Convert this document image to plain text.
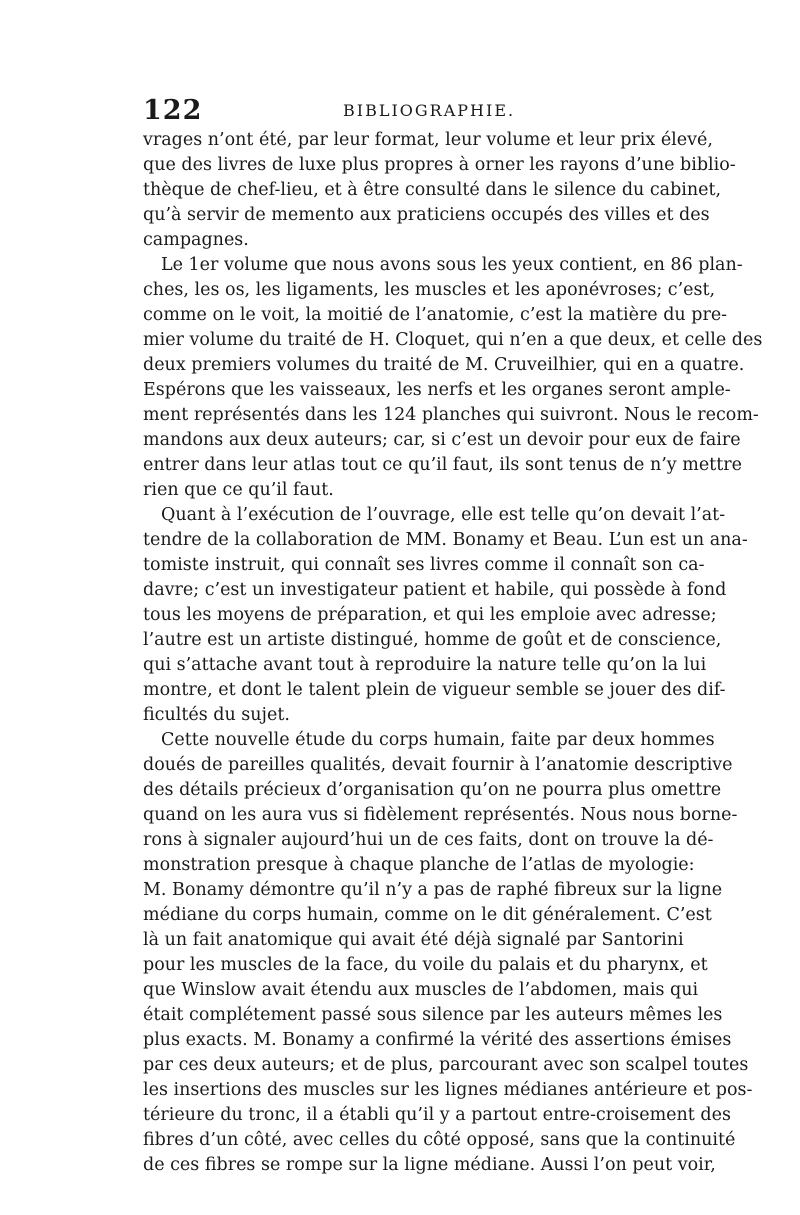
122	BIBLIOGRAPHIE.
vrages n’ont été, par leur format, leur volume et leur prix élevé,
que des livres de luxe plus propres à orner les rayons d’une biblio-
thèque de chef-lieu, et à être consulté dans le silence du cabinet,
qu’à servir de memento aux praticiens occupés des villes et des
campagnes.
Le 1er volume que nous avons sous les yeux contient, en 86 plan-
ches, les os, les ligaments, les muscles et les aponévroses; c’est,
comme on le voit, la moitié de l’anatomie, c’est la matière du pre-
mier volume du traité de H. Cloquet, qui n’en a que deux, et celle des
deux premiers volumes du traité de M. Cruveilhier, qui en a quatre.
Espérons que les vaisseaux, les nerfs et les organes seront ample-
ment représentés dans les 124 planches qui suivront. Nous le recom-
mandons aux deux auteurs; car, si c’est un devoir pour eux de faire
entrer dans leur atlas tout ce qu’il faut, ils sont tenus de n’y mettre
rien que ce qu’il faut.
Quant à l’exécution de l’ouvrage, elle est telle qu’on devait l’at-
tendre de la collaboration de MM. Bonamy et Beau. L’un est un ana-
tomiste instruit, qui connaît ses livres comme il connaît son ca-
davre; c’est un investigateur patient et habile, qui possède à fond
tous les moyens de préparation, et qui les emploie avec adresse;
l’autre est un artiste distingué, homme de goût et de conscience,
qui s’attache avant tout à reproduire la nature telle qu’on la lui
montre, et dont le talent plein de vigueur semble se jouer des dif-
ficultés du sujet.
Cette nouvelle étude du corps humain, faite par deux hommes
doués de pareilles qualités, devait fournir à l’anatomie descriptive
des détails précieux d’organisation qu’on ne pourra plus omettre
quand on les aura vus si fidèlement représentés. Nous nous borne-
rons à signaler aujourd’hui un de ces faits, dont on trouve la dé-
monstration presque à chaque planche de l’atlas de myologie:
M. Bonamy démontre qu’il n’y a pas de raphé fibreux sur la ligne
médiane du corps humain, comme on le dit généralement. C’est
là un fait anatomique qui avait été déjà signalé par Santorini
pour les muscles de la face, du voile du palais et du pharynx, et
que Winslow avait étendu aux muscles de l’abdomen, mais qui
était complétement passé sous silence par les auteurs mêmes les
plus exacts. M. Bonamy a confirmé la vérité des assertions émises
par ces deux auteurs; et de plus, parcourant avec son scalpel toutes
les insertions des muscles sur les lignes médianes antérieure et pos-
térieure du tronc, il a établi qu’il y a partout entre-croisement des
fibres d’un côté, avec celles du côté opposé, sans que la continuité
de ces fibres se rompe sur la ligne médiane. Aussi l’on peut voir,
